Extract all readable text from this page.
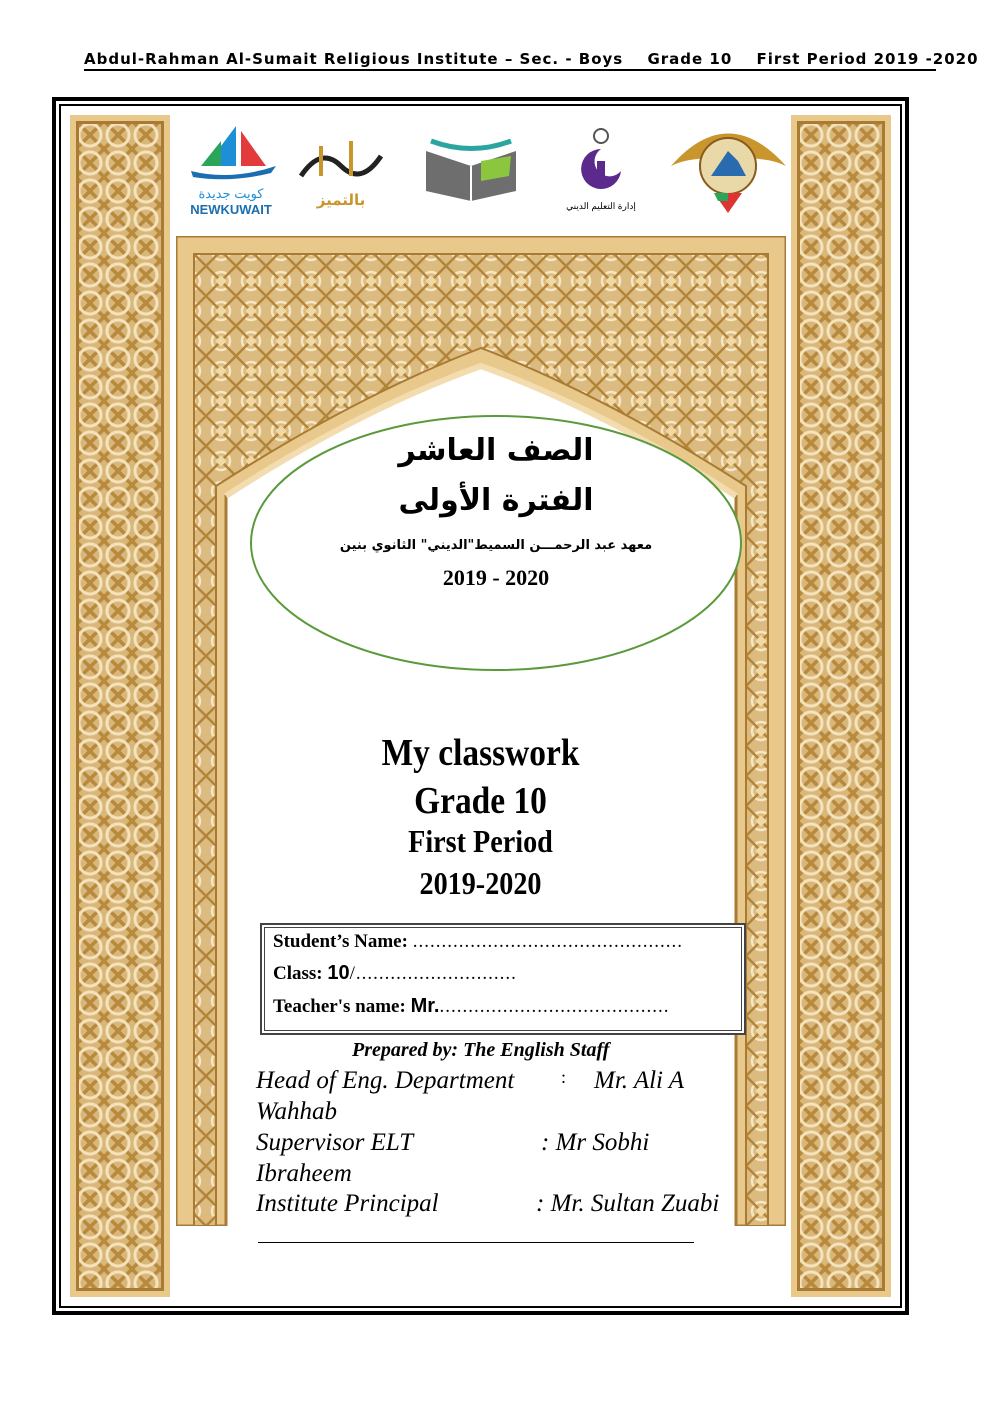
Abdul-Rahman Al-Sumait Religious Institute – Sec. - Boys Grade 10 First Period 2019 -2020
كويت جديدة
NEWKUWAIT
بالتميز	إدارة التعليم الديني
الصف العاشر
الفترة الأولى
معهد عبد الرحمـــن السميط"الديني" الثانوي بنين
2019 - 2020
My classwork
Grade 10
First Period
2019-2020
Student’s Name: ...............................................
Class: 10/............................
Teacher's name: Mr.........................................
Prepared by: The English Staff
Head of Eng. Department	: Mr. Ali A
Wahhab
Supervisor ELT	: Mr Sobhi
Ibraheem
Institute Principal	: Mr. Sultan Zuabi
